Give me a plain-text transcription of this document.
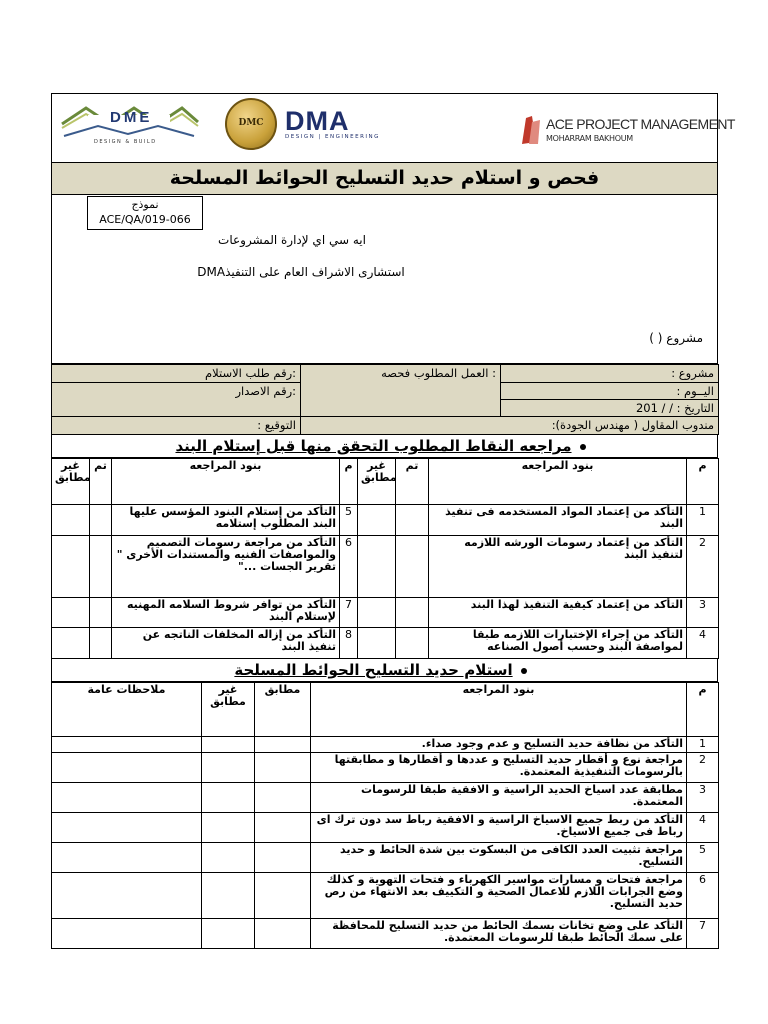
DME
DESIGN & BUILD
DMC DMA
DESIGN | ENGINEERING
ACE PROJECT MANAGEMENT
MOHARRAM BAKHOUM
فحص و استلام حديد التسليح الحوائط المسلحة
نموذج
ACE/QA/019-066
ايه سي اي لإدارة المشروعات
استشارى الاشراف العام على التنفيذDMA
مشروع ( )
:رقم طلب الاستلام	: العمل المطلوب فحصه	مشروع :
:رقم الاصدار		اليــوم :
		التاريخ : / / 201
التوقيع :	مندوب المقاول ( مهندس الجودة):	
مراجعه النقاط المطلوب التحقق منها قبل إستلام البند
غير مطابق	تم	بنود المراجعه	م	غير مطابق	تم	بنود المراجعه	م
		التأكد من إستلام البنود المؤسس عليها البند المطلوب إستلامه	5			التأكد من إعتماد المواد المستخدمه فى تنفيذ البند	1
		التأكد من مراجعة رسومات التصميم والمواصفات الفنيه والمستندات الأخرى " تقرير الجسات ..."	6			التأكد من إعتماد رسومات الورشه اللازمه لتنفيذ البند	2
		التأكد من توافر شروط السلامه المهنيه لإستلام البند	7			التأكد من إعتماد كيفية التنفيذ لهذا البند	3
		التأكد من إزاله المخلفات الناتجه عن تنفيذ البند	8			التأكد من إجراء الإختبارات اللازمه طبقا لمواصفة البند وحسب أصول الصناعه	4
استلام حديد التسليح الحوائط المسلحة
ملاحظات عامة	غير مطابق	مطابق	بنود المراجعه	م
			التأكد من نظافة حديد التسليح و عدم وجود صداء.	1
			مراجعة نوع و أقطار حديد التسليح و عددها و أقطارها و مطابقتها بالرسومات التنفيذية المعتمدة.	2
			مطابقة عدد اسياخ الحديد الراسية و الافقية طبقا للرسومات المعتمدة.	3
			التأكد من ربط جميع الاسياخ الراسية و الافقية رباط سد دون ترك اى رباط فى جميع الاسياخ.	4
			مراجعة تثبيت العدد الكافى من البسكوت بين شدة الحائط و حديد التسليح.	5
			مراجعة فتحات و مسارات مواسير الكهرباء و فتحات التهوية و كذلك وضع الجرابات اللازم للاعمال الصحية و التكييف بعد الانتهاء من رص حديد التسليح.	6
			التأكد على وضع تخانات بسمك الحائط من حديد التسليح للمحافظة على سمك الحائط طبقا للرسومات المعتمدة.	7
